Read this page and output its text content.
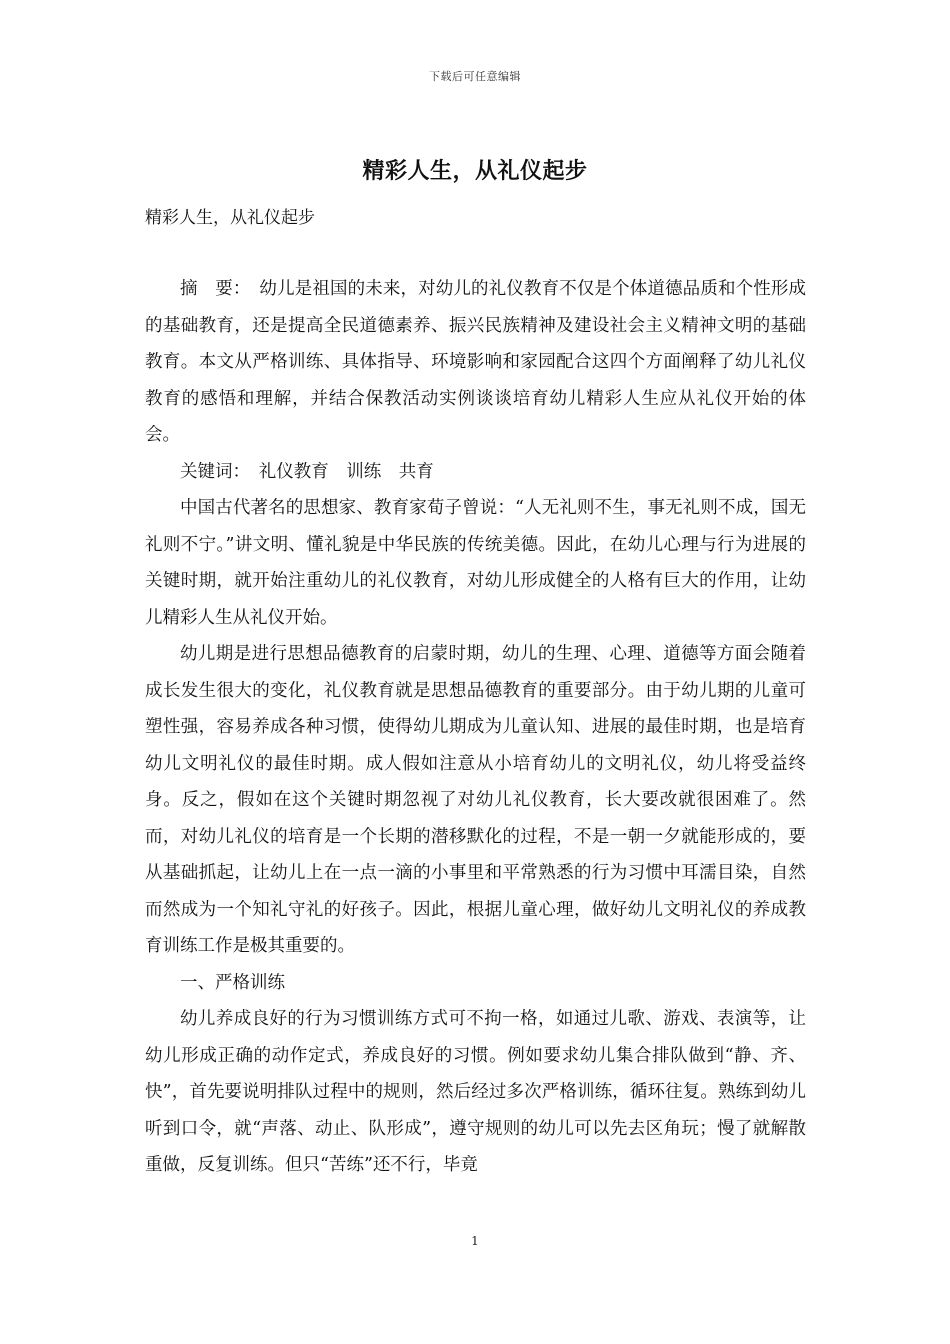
下载后可任意编辑
精彩人生，从礼仪起步
精彩人生，从礼仪起步

摘　要：　幼儿是祖国的未来，对幼儿的礼仪教育不仅是个体道德品质和个性形成的基础教育，还是提高全民道德素养、振兴民族精神及建设社会主义精神文明的基础教育。本文从严格训练、具体指导、环境影响和家园配合这四个方面阐释了幼儿礼仪教育的感悟和理解，并结合保教活动实例谈谈培育幼儿精彩人生应从礼仪开始的体会。

关键词：　礼仪教育　训练　共育

中国古代著名的思想家、教育家荀子曾说：“人无礼则不生，事无礼则不成，国无礼则不宁。”讲文明、懂礼貌是中华民族的传统美德。因此，在幼儿心理与行为进展的关键时期，就开始注重幼儿的礼仪教育，对幼儿形成健全的人格有巨大的作用，让幼儿精彩人生从礼仪开始。

幼儿期是进行思想品德教育的启蒙时期，幼儿的生理、心理、道德等方面会随着成长发生很大的变化，礼仪教育就是思想品德教育的重要部分。由于幼儿期的儿童可塑性强，容易养成各种习惯，使得幼儿期成为儿童认知、进展的最佳时期，也是培育幼儿文明礼仪的最佳时期。成人假如注意从小培育幼儿的文明礼仪，幼儿将受益终身。反之，假如在这个关键时期忽视了对幼儿礼仪教育，长大要改就很困难了。然而，对幼儿礼仪的培育是一个长期的潜移默化的过程，不是一朝一夕就能形成的，要从基础抓起，让幼儿上在一点一滴的小事里和平常熟悉的行为习惯中耳濡目染，自然而然成为一个知礼守礼的好孩子。因此，根据儿童心理，做好幼儿文明礼仪的养成教育训练工作是极其重要的。

一、严格训练

幼儿养成良好的行为习惯训练方式可不拘一格，如通过儿歌、游戏、表演等，让幼儿形成正确的动作定式，养成良好的习惯。例如要求幼儿集合排队做到“静、齐、快”，首先要说明排队过程中的规则，然后经过多次严格训练，循环往复。熟练到幼儿听到口令，就“声落、动止、队形成”，遵守规则的幼儿可以先去区角玩；慢了就解散重做，反复训练。但只“苦练”还不行，毕竟

1
